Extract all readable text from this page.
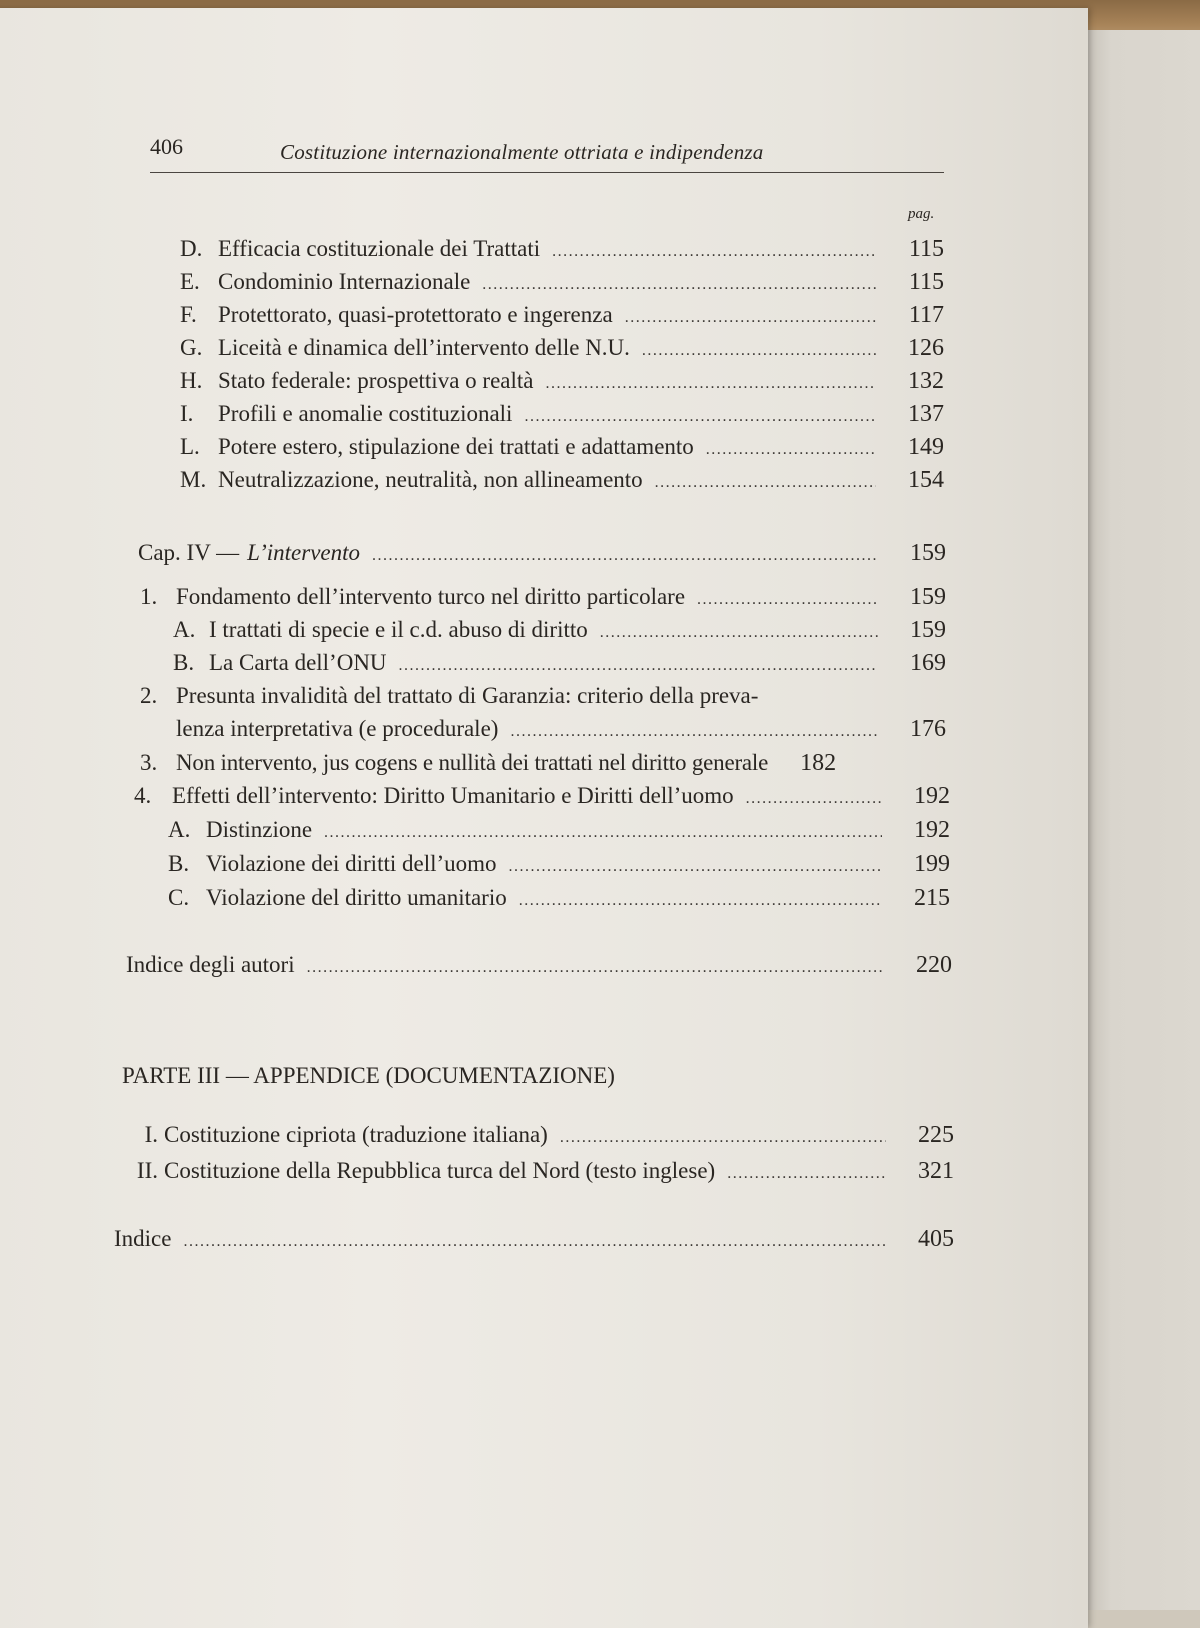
406	Costituzione internazionalmente ottriata e indipendenza
pag.
D. Efficacia costituzionale dei Trattati .....	115
E. Condominio Internazionale .....	115
F. Protettorato, quasi-protettorato e ingerenza .....	117
G. Liceità e dinamica dell’intervento delle N.U. .....	126
H. Stato federale: prospettiva o realtà .....	132
I.	Profili e anomalie costituzionali .....	137
L. Potere estero, stipulazione dei trattati e adattamento .....	149
M. Neutralizzazione, neutralità, non allineamento .....	154
Cap. IV — L’intervento .....	159
1. Fondamento dell’intervento turco nel diritto particolare .....	159
A. I trattati di specie e il c.d. abuso di diritto .....	159
B. La Carta dell’ONU .....	169
2. Presunta invalidità del trattato di Garanzia: criterio della preva-
lenza interpretativa (e procedurale) .....	176
3. Non intervento, jus cogens e nullità dei trattati nel diritto generale	182
4. Effetti dell’intervento: Diritto Umanitario e Diritti dell’uomo .....	192
A. Distinzione .....	192
B. Violazione dei diritti dell’uomo .....	199
C. Violazione del diritto umanitario .....	215
Indice degli autori .....	220
PARTE III — APPENDICE (DOCUMENTAZIONE)
I. Costituzione cipriota (traduzione italiana) .....	225
II. Costituzione della Repubblica turca del Nord (testo inglese) .....	321
Indice .....	405
